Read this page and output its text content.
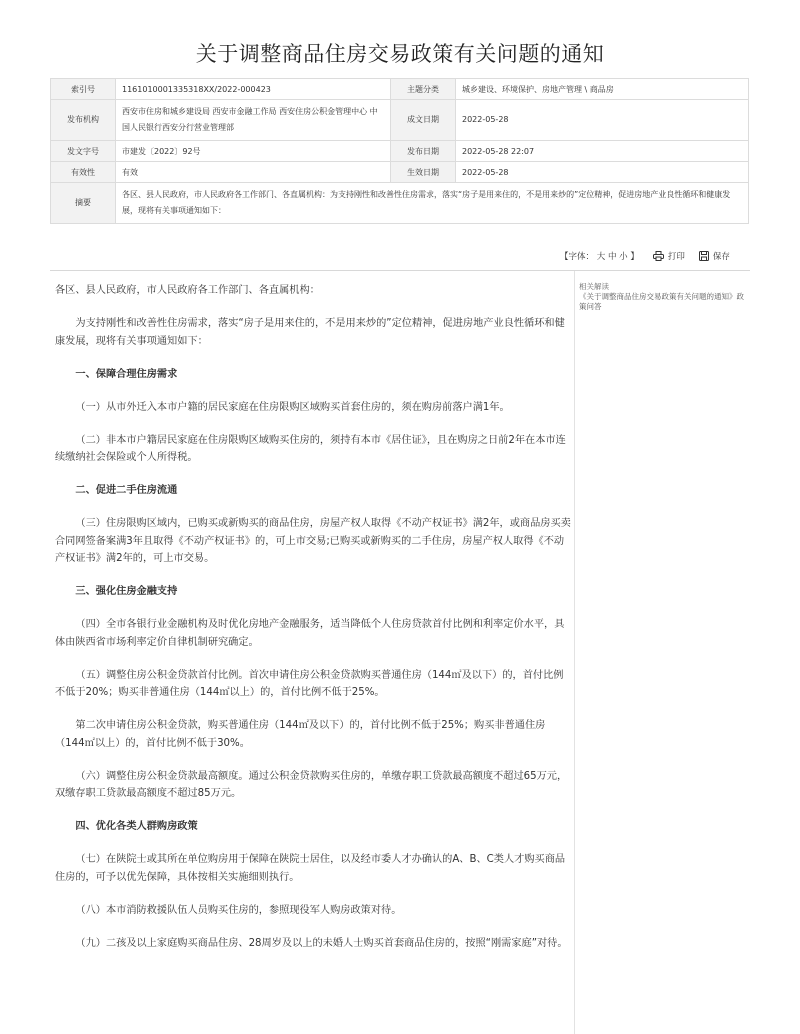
关于调整商品住房交易政策有关问题的通知
索引号	1161010001335318XX/2022-000423	主题分类	城乡建设、环境保护、房地产管理 \ 商品房
发布机构	西安市住房和城乡建设局 西安市金融工作局 西安住房公积金管理中心 中国人民银行西安分行营业管理部	成文日期	2022-05-28
发文字号	市建发〔2022〕92号	发布日期	2022-05-28 22:07
有效性	有效	生效日期	2022-05-28
摘要	各区、县人民政府，市人民政府各工作部门、各直属机构：为支持刚性和改善性住房需求，落实“房子是用来住的，不是用来炒的”定位精神，促进房地产业良性循环和健康发展，现将有关事项通知如下：		
【字体： 大 中 小 】	打印	保存
相关解读
《关于调整商品住房交易政策有关问题的通知》政策问答

各区、县人民政府，市人民政府各工作部门、各直属机构：

为支持刚性和改善性住房需求，落实“房子是用来住的，不是用来炒的”定位精神，促进房地产业良性循环和健康发展，现将有关事项通知如下：

一、保障合理住房需求

（一）从市外迁入本市户籍的居民家庭在住房限购区域购买首套住房的，须在购房前落户满1年。

（二）非本市户籍居民家庭在住房限购区域购买住房的，须持有本市《居住证》，且在购房之日前2年在本市连续缴纳社会保险或个人所得税。

二、促进二手住房流通

（三）住房限购区域内，已购买或新购买的商品住房，房屋产权人取得《不动产权证书》满2年，或商品房买卖合同网签备案满3年且取得《不动产权证书》的，可上市交易;已购买或新购买的二手住房，房屋产权人取得《不动产权证书》满2年的，可上市交易。

三、强化住房金融支持

（四）全市各银行业金融机构及时优化房地产金融服务，适当降低个人住房贷款首付比例和利率定价水平，具体由陕西省市场利率定价自律机制研究确定。

（五）调整住房公积金贷款首付比例。首次申请住房公积金贷款购买普通住房（144㎡及以下）的，首付比例不低于20%；购买非普通住房（144㎡以上）的，首付比例不低于25%。

第二次申请住房公积金贷款，购买普通住房（144㎡及以下）的，首付比例不低于25%；购买非普通住房（144㎡以上）的，首付比例不低于30%。

（六）调整住房公积金贷款最高额度。通过公积金贷款购买住房的，单缴存职工贷款最高额度不超过65万元，双缴存职工贷款最高额度不超过85万元。

四、优化各类人群购房政策

（七）在陕院士或其所在单位购房用于保障在陕院士居住，以及经市委人才办确认的A、B、C类人才购买商品住房的，可予以优先保障，具体按相关实施细则执行。

（八）本市消防救援队伍人员购买住房的，参照现役军人购房政策对待。

（九）二孩及以上家庭购买商品住房、28周岁及以上的未婚人士购买首套商品住房的，按照“刚需家庭”对待。
